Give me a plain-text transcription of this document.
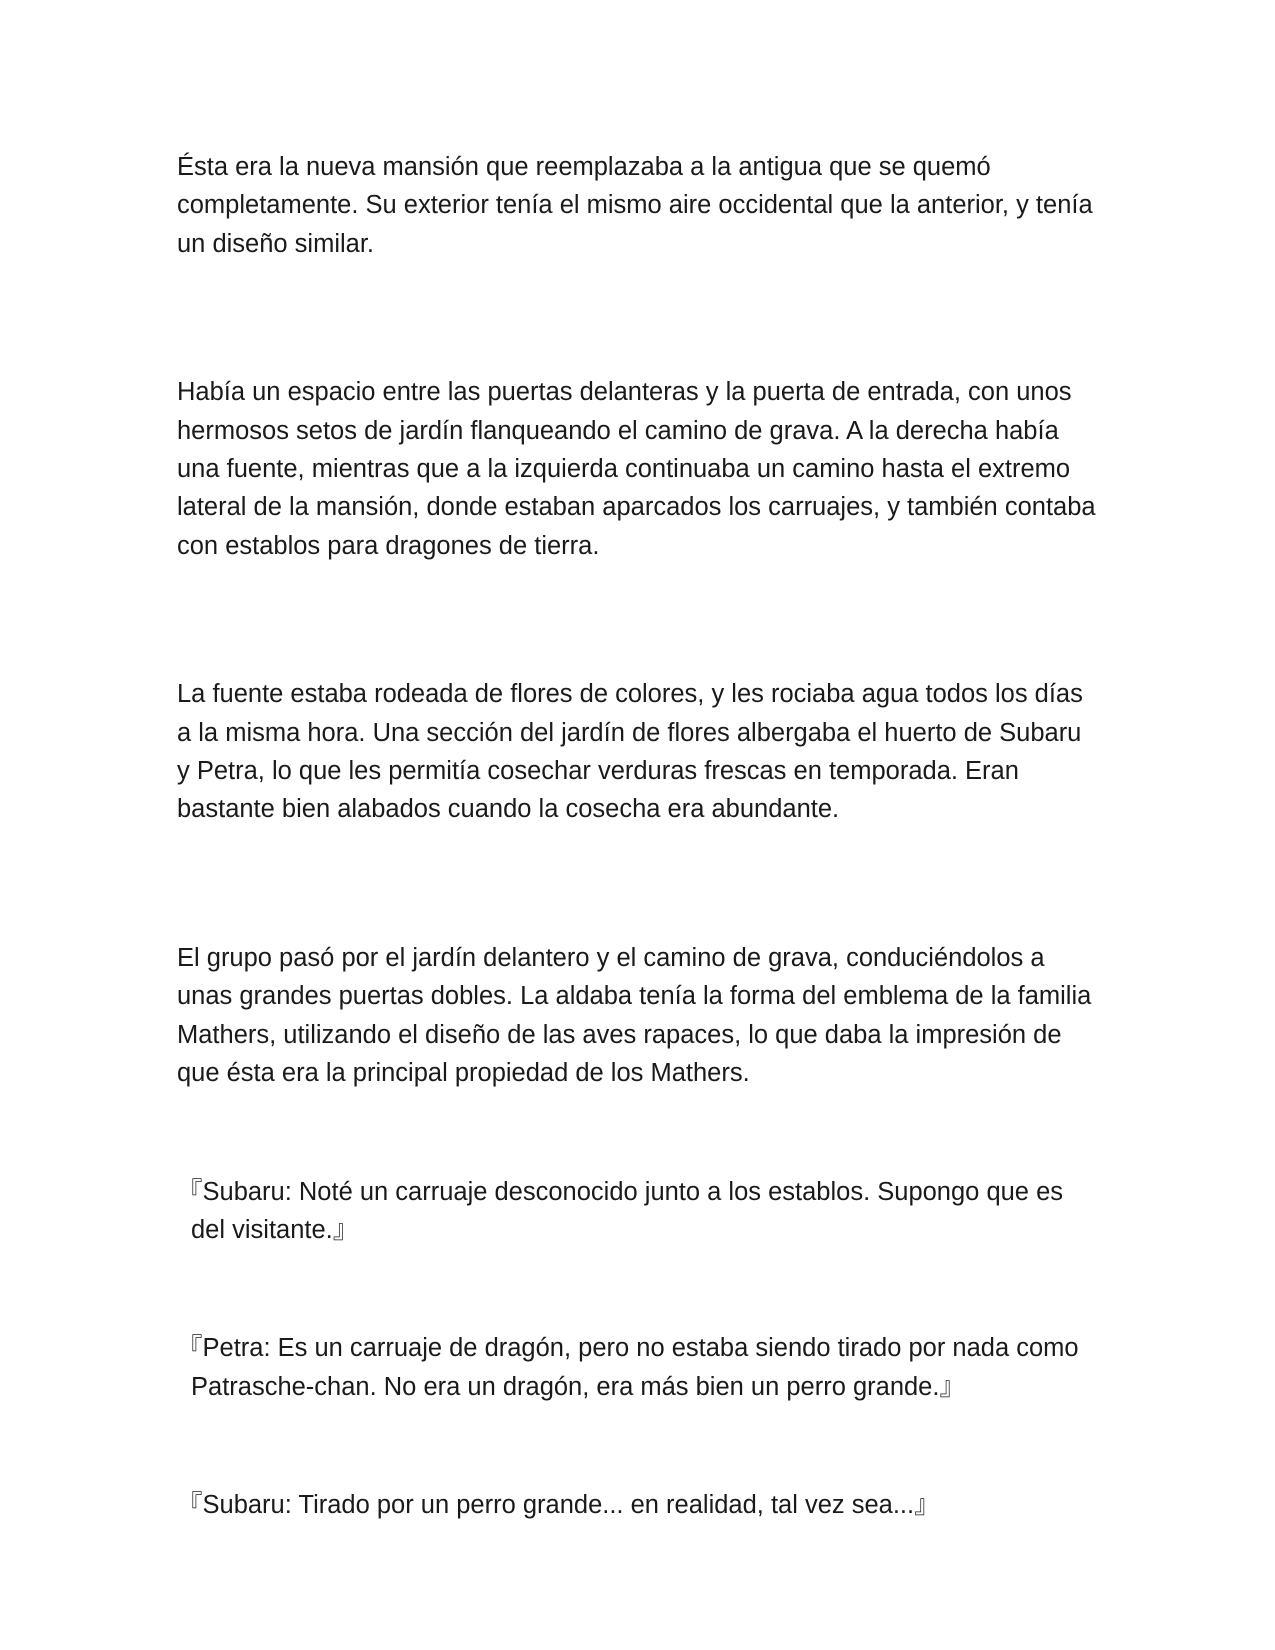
Ésta era la nueva mansión que reemplazaba a la antigua que se quemó completamente. Su exterior tenía el mismo aire occidental que la anterior, y tenía un diseño similar.

Había un espacio entre las puertas delanteras y la puerta de entrada, con unos hermosos setos de jardín flanqueando el camino de grava. A la derecha había una fuente, mientras que a la izquierda continuaba un camino hasta el extremo lateral de la mansión, donde estaban aparcados los carruajes, y también contaba con establos para dragones de tierra.

La fuente estaba rodeada de flores de colores, y les rociaba agua todos los días a la misma hora. Una sección del jardín de flores albergaba el huerto de Subaru y Petra, lo que les permitía cosechar verduras frescas en temporada. Eran bastante bien alabados cuando la cosecha era abundante.

El grupo pasó por el jardín delantero y el camino de grava, conduciéndolos a unas grandes puertas dobles. La aldaba tenía la forma del emblema de la familia Mathers, utilizando el diseño de las aves rapaces, lo que daba la impresión de que ésta era la principal propiedad de los Mathers.

『Subaru: Noté un carruaje desconocido junto a los establos. Supongo que es del visitante.』

『Petra: Es un carruaje de dragón, pero no estaba siendo tirado por nada como Patrasche-chan. No era un dragón, era más bien un perro grande.』

『Subaru: Tirado por un perro grande... en realidad, tal vez sea...』
